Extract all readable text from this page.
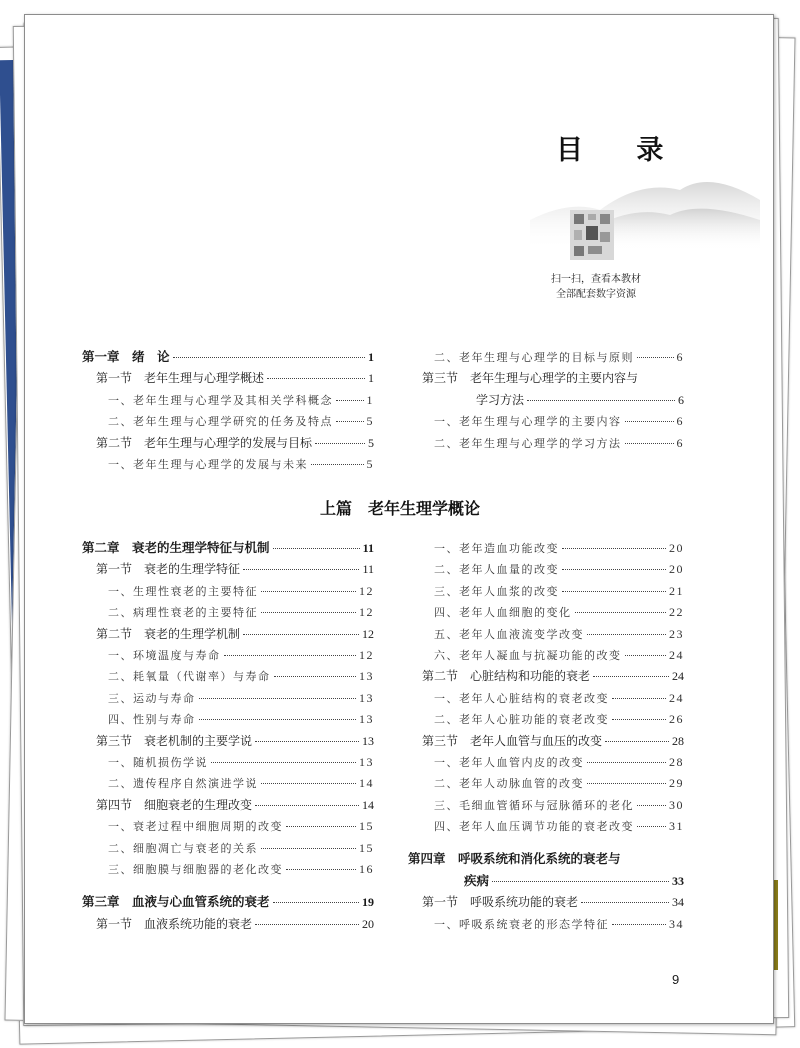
目 录
扫一扫，查看本教材
全部配套数字资源
上篇　老年生理学概论
第一章　绪　论	1
第一节　老年生理与心理学概述	1
一、老年生理与心理学及其相关学科概念	1
二、老年生理与心理学研究的任务及特点	5
第二节　老年生理与心理学的发展与目标	5
一、老年生理与心理学的发展与未来	5
二、老年生理与心理学的目标与原则	6
第三节　老年生理与心理学的主要内容与
学习方法	6
一、老年生理与心理学的主要内容	6
二、老年生理与心理学的学习方法	6
第二章　衰老的生理学特征与机制	11
第一节　衰老的生理学特征	11
一、生理性衰老的主要特征	12
二、病理性衰老的主要特征	12
第二节　衰老的生理学机制	12
一、环境温度与寿命	12
二、耗氧量（代谢率）与寿命	13
三、运动与寿命	13
四、性别与寿命	13
第三节　衰老机制的主要学说	13
一、随机损伤学说	13
二、遗传程序自然演进学说	14
第四节　细胞衰老的生理改变	14
一、衰老过程中细胞周期的改变	15
二、细胞凋亡与衰老的关系	15
三、细胞膜与细胞器的老化改变	16
第三章　血液与心血管系统的衰老	19
第一节　血液系统功能的衰老	20
一、老年造血功能改变	20
二、老年人血量的改变	20
三、老年人血浆的改变	21
四、老年人血细胞的变化	22
五、老年人血液流变学改变	23
六、老年人凝血与抗凝功能的改变	24
第二节　心脏结构和功能的衰老	24
一、老年人心脏结构的衰老改变	24
二、老年人心脏功能的衰老改变	26
第三节　老年人血管与血压的改变	28
一、老年人血管内皮的改变	28
二、老年人动脉血管的改变	29
三、毛细血管循环与冠脉循环的老化	30
四、老年人血压调节功能的衰老改变	31
第四章　呼吸系统和消化系统的衰老与
疾病	33
第一节　呼吸系统功能的衰老	34
一、呼吸系统衰老的形态学特征	34
9
